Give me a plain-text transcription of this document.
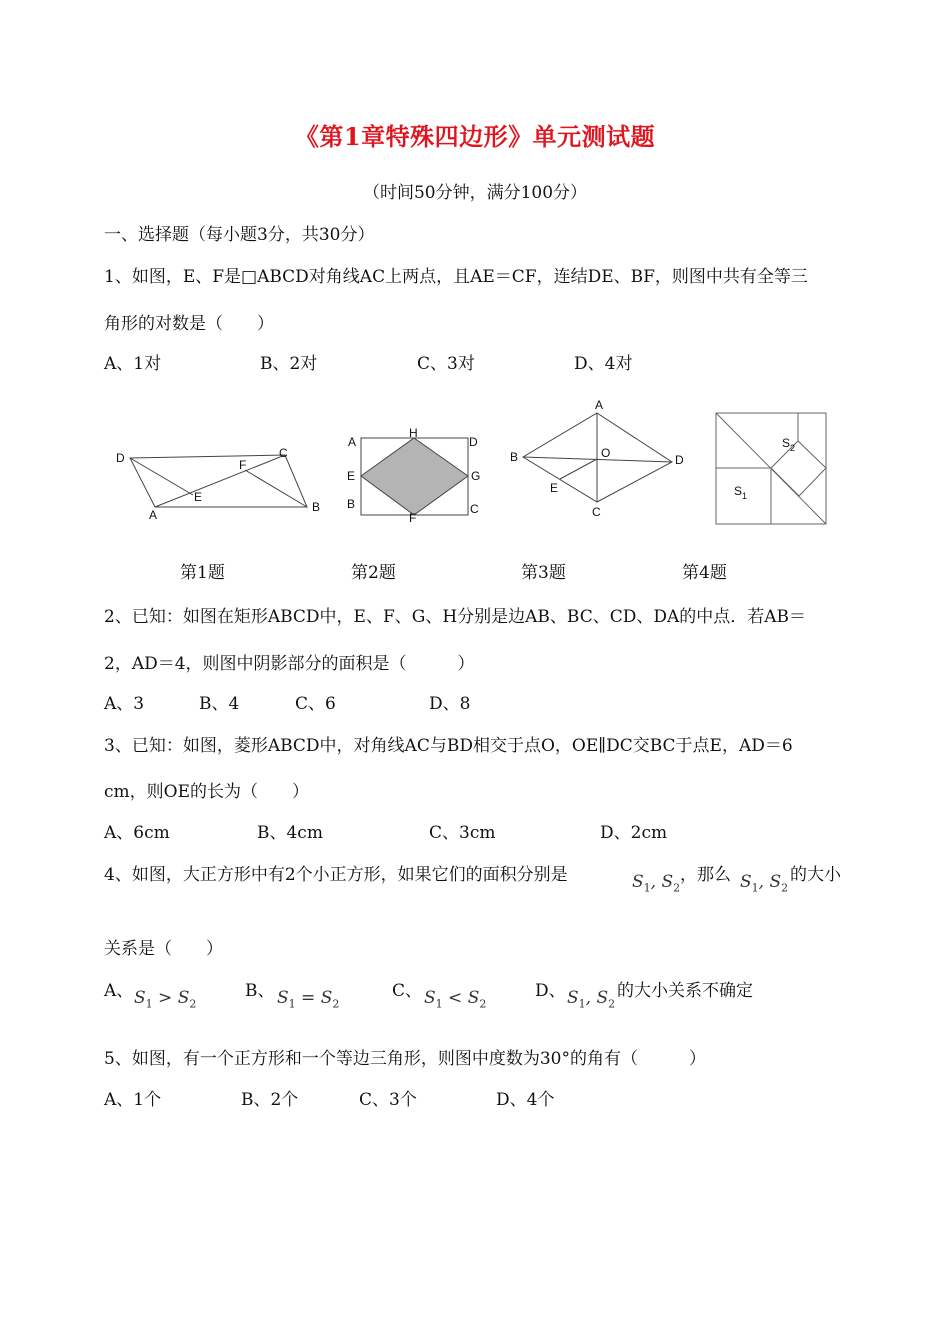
《第1章特殊四边形》单元测试题
（时间50分钟，满分100分）
一、选择题（每小题3分，共30分）
1、如图，E、F是□ABCD对角线AC上两点，且AE＝CF，连结DE、BF，则图中共有全等三
角形的对数是（　　）
A、1对	B、2对	C、3对	D、4对
D	C
F
E
A
B
A
H
D
E	G
B
F
C
A
B	O	D
E
C
$S_2$
$S_1$
第1题	第2题	第3题	第4题
2、已知：如图在矩形ABCD中，E、F、G、H分别是边AB、BC、CD、DA的中点．若AB＝
2，AD＝4，则图中阴影部分的面积是（　　　）
A、3	B、4	C、6	D、8
3、已知：如图，菱形ABCD中，对角线AC与BD相交于点O，OE∥DC交BC于点E，AD＝6
cm，则OE的长为（　　）
A、6cm	B、4cm	C、3cm	D、2cm
4、如图，大正方形中有2个小正方形，如果它们的面积分别是	$S_1$, $S_2$
，那么 $S_1$, $S_2$
的大小
关系是（　　）
A、 $S_1 > S_2$
B、 $S_1 = S_2$
C、 $S_1 < S_2$
D、 $S_1$, $S_2$
的大小关系不确定
5、如图，有一个正方形和一个等边三角形，则图中度数为30°的角有（　　　）
A、1个	B、2个	C、3个	D、4个
